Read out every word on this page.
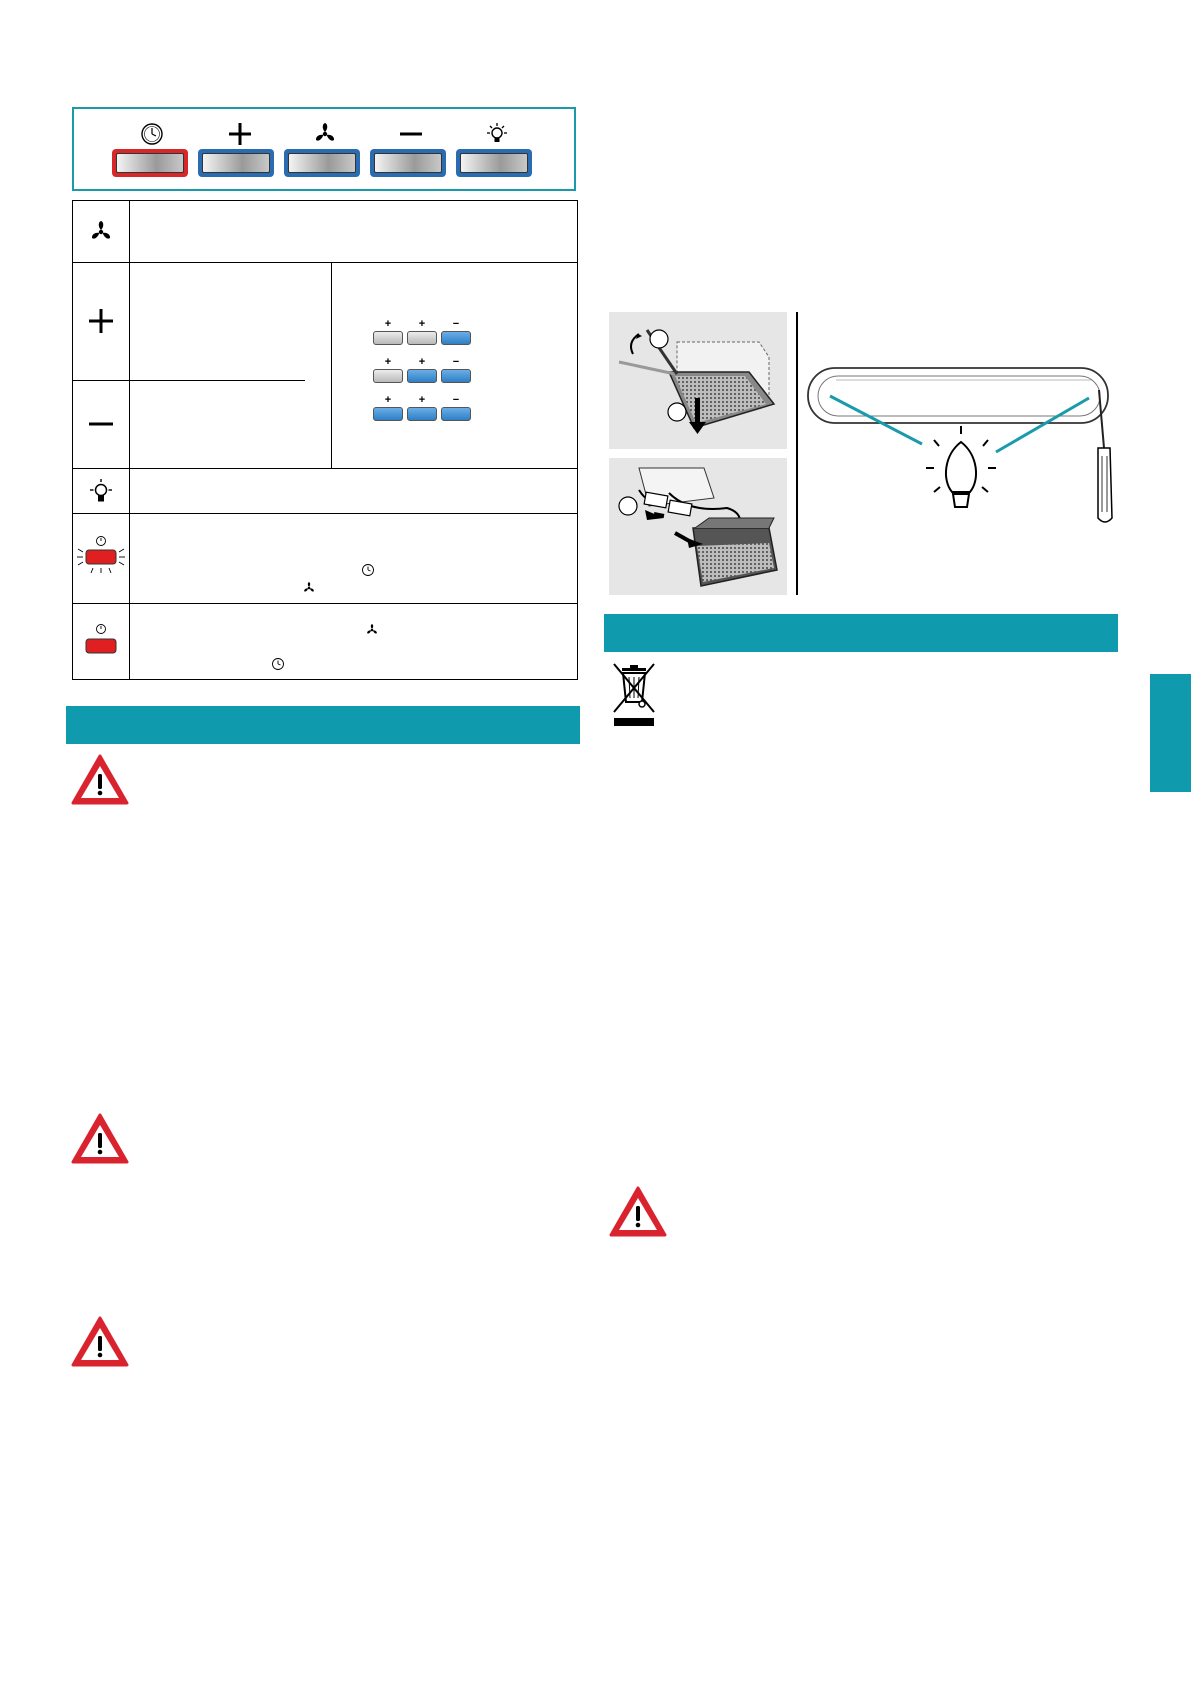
+	+	−
+	+	−
+	+	−
